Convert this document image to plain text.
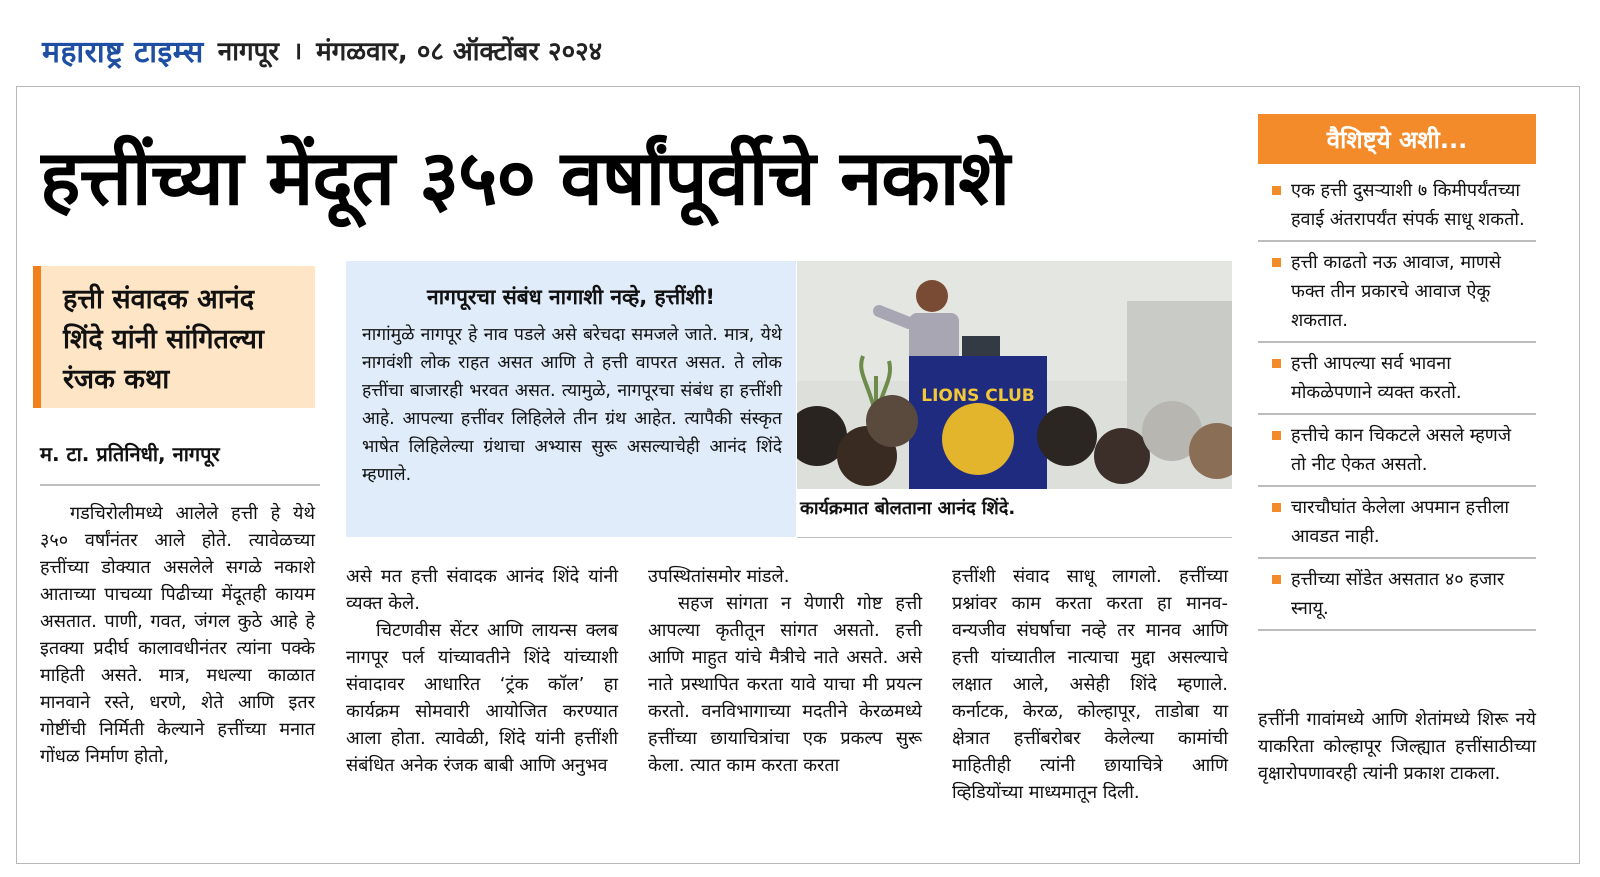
महाराष्ट्र टाइम्स नागपूर । मंगळवार, ०८ ऑक्टोंबर २०२४
हत्तींच्या मेंदूत ३५० वर्षांपूर्वीचे नकाशे	वैशिष्ट्ये अशी...
एक हत्ती दुसऱ्याशी ७ किमीपर्यंतच्या हवाई अंतरापर्यंत संपर्क साधू शकतो.
हत्ती काढतो नऊ आवाज, माणसे फक्त तीन प्रकारचे आवाज ऐकू शकतात.
हत्ती आपल्या सर्व भावना मोकळेपणाने व्यक्त करतो.
हत्तीचे कान चिकटले असले म्हणजे तो नीट ऐकत असतो.
चारचौघांत केलेला अपमान हत्तीला आवडत नाही.
हत्तीच्या सोंडेत असतात ४० हजार स्नायू.
हत्तींनी गावांमध्ये आणि शेतांमध्ये शिरू नये याकरिता कोल्हापूर जिल्ह्यात हत्तींसाठीच्या वृक्षारोपणावरही त्यांनी प्रकाश टाकला.
हत्ती संवादक आनंद शिंदे यांनी सांगितल्या रंजक कथा
म. टा. प्रतिनिधी, नागपूर
नागपूरचा संबंध नागाशी नव्हे, हत्तींशी!
नागांमुळे नागपूर हे नाव पडले असे बरेचदा समजले जाते. मात्र, येथे नागवंशी लोक राहत असत आणि ते हत्ती वापरत असत. ते लोक हत्तींचा बाजारही भरवत असत. त्यामुळे, नागपूरचा संबंध हा हत्तींशी आहे. आपल्या हत्तींवर लिहिलेले तीन ग्रंथ आहेत. त्यापैकी संस्कृत भाषेत लिहिलेल्या ग्रंथाचा अभ्यास सुरू असल्याचेही आनंद शिंदे म्हणाले.
LIONS CLUB
कार्यक्रमात बोलताना आनंद शिंदे.

गडचिरोलीमध्ये आलेले हत्ती हे येथे ३५० वर्षांनंतर आले होते. त्यावेळच्या हत्तींच्या डोक्यात असलेले सगळे नकाशे आताच्या पाचव्या पिढीच्या मेंदूतही कायम असतात. पाणी, गवत, जंगल कुठे आहे हे इतक्या प्रदीर्घ कालावधीनंतर त्यांना पक्के माहिती असते. मात्र, मधल्या काळात मानवाने रस्ते, धरणे, शेते आणि इतर गोष्टींची निर्मिती केल्याने हत्तींच्या मनात गोंधळ निर्माण होतो,

असे मत हत्ती संवादक आनंद शिंदे यांनी व्यक्त केले.

चिटणवीस सेंटर आणि लायन्स क्लब नागपूर पर्ल यांच्यावतीने शिंदे यांच्याशी संवादावर आधारित ‘ट्रंक कॉल’ हा कार्यक्रम सोमवारी आयोजित करण्यात आला होता. त्यावेळी, शिंदे यांनी हत्तींशी संबंधित अनेक रंजक बाबी आणि अनुभव

उपस्थितांसमोर मांडले.

सहज सांगता न येणारी गोष्ट हत्ती आपल्या कृतीतून सांगत असतो. हत्ती आणि माहुत यांचे मैत्रीचे नाते असते. असे नाते प्रस्थापित करता यावे याचा मी प्रयत्न करतो. वनविभागाच्या मदतीने केरळमध्ये हत्तींच्या छायाचित्रांचा एक प्रकल्प सुरू केला. त्यात काम करता करता

हत्तींशी संवाद साधू लागलो. हत्तींच्या प्रश्नांवर काम करता करता हा मानव-वन्यजीव संघर्षाचा नव्हे तर मानव आणि हत्ती यांच्यातील नात्याचा मुद्दा असल्याचे लक्षात आले, असेही शिंदे म्हणाले. कर्नाटक, केरळ, कोल्हापूर, ताडोबा या क्षेत्रात हत्तींबरोबर केलेल्या कामांची माहितीही त्यांनी छायाचित्रे आणि व्हिडियोंच्या माध्यमातून दिली.
